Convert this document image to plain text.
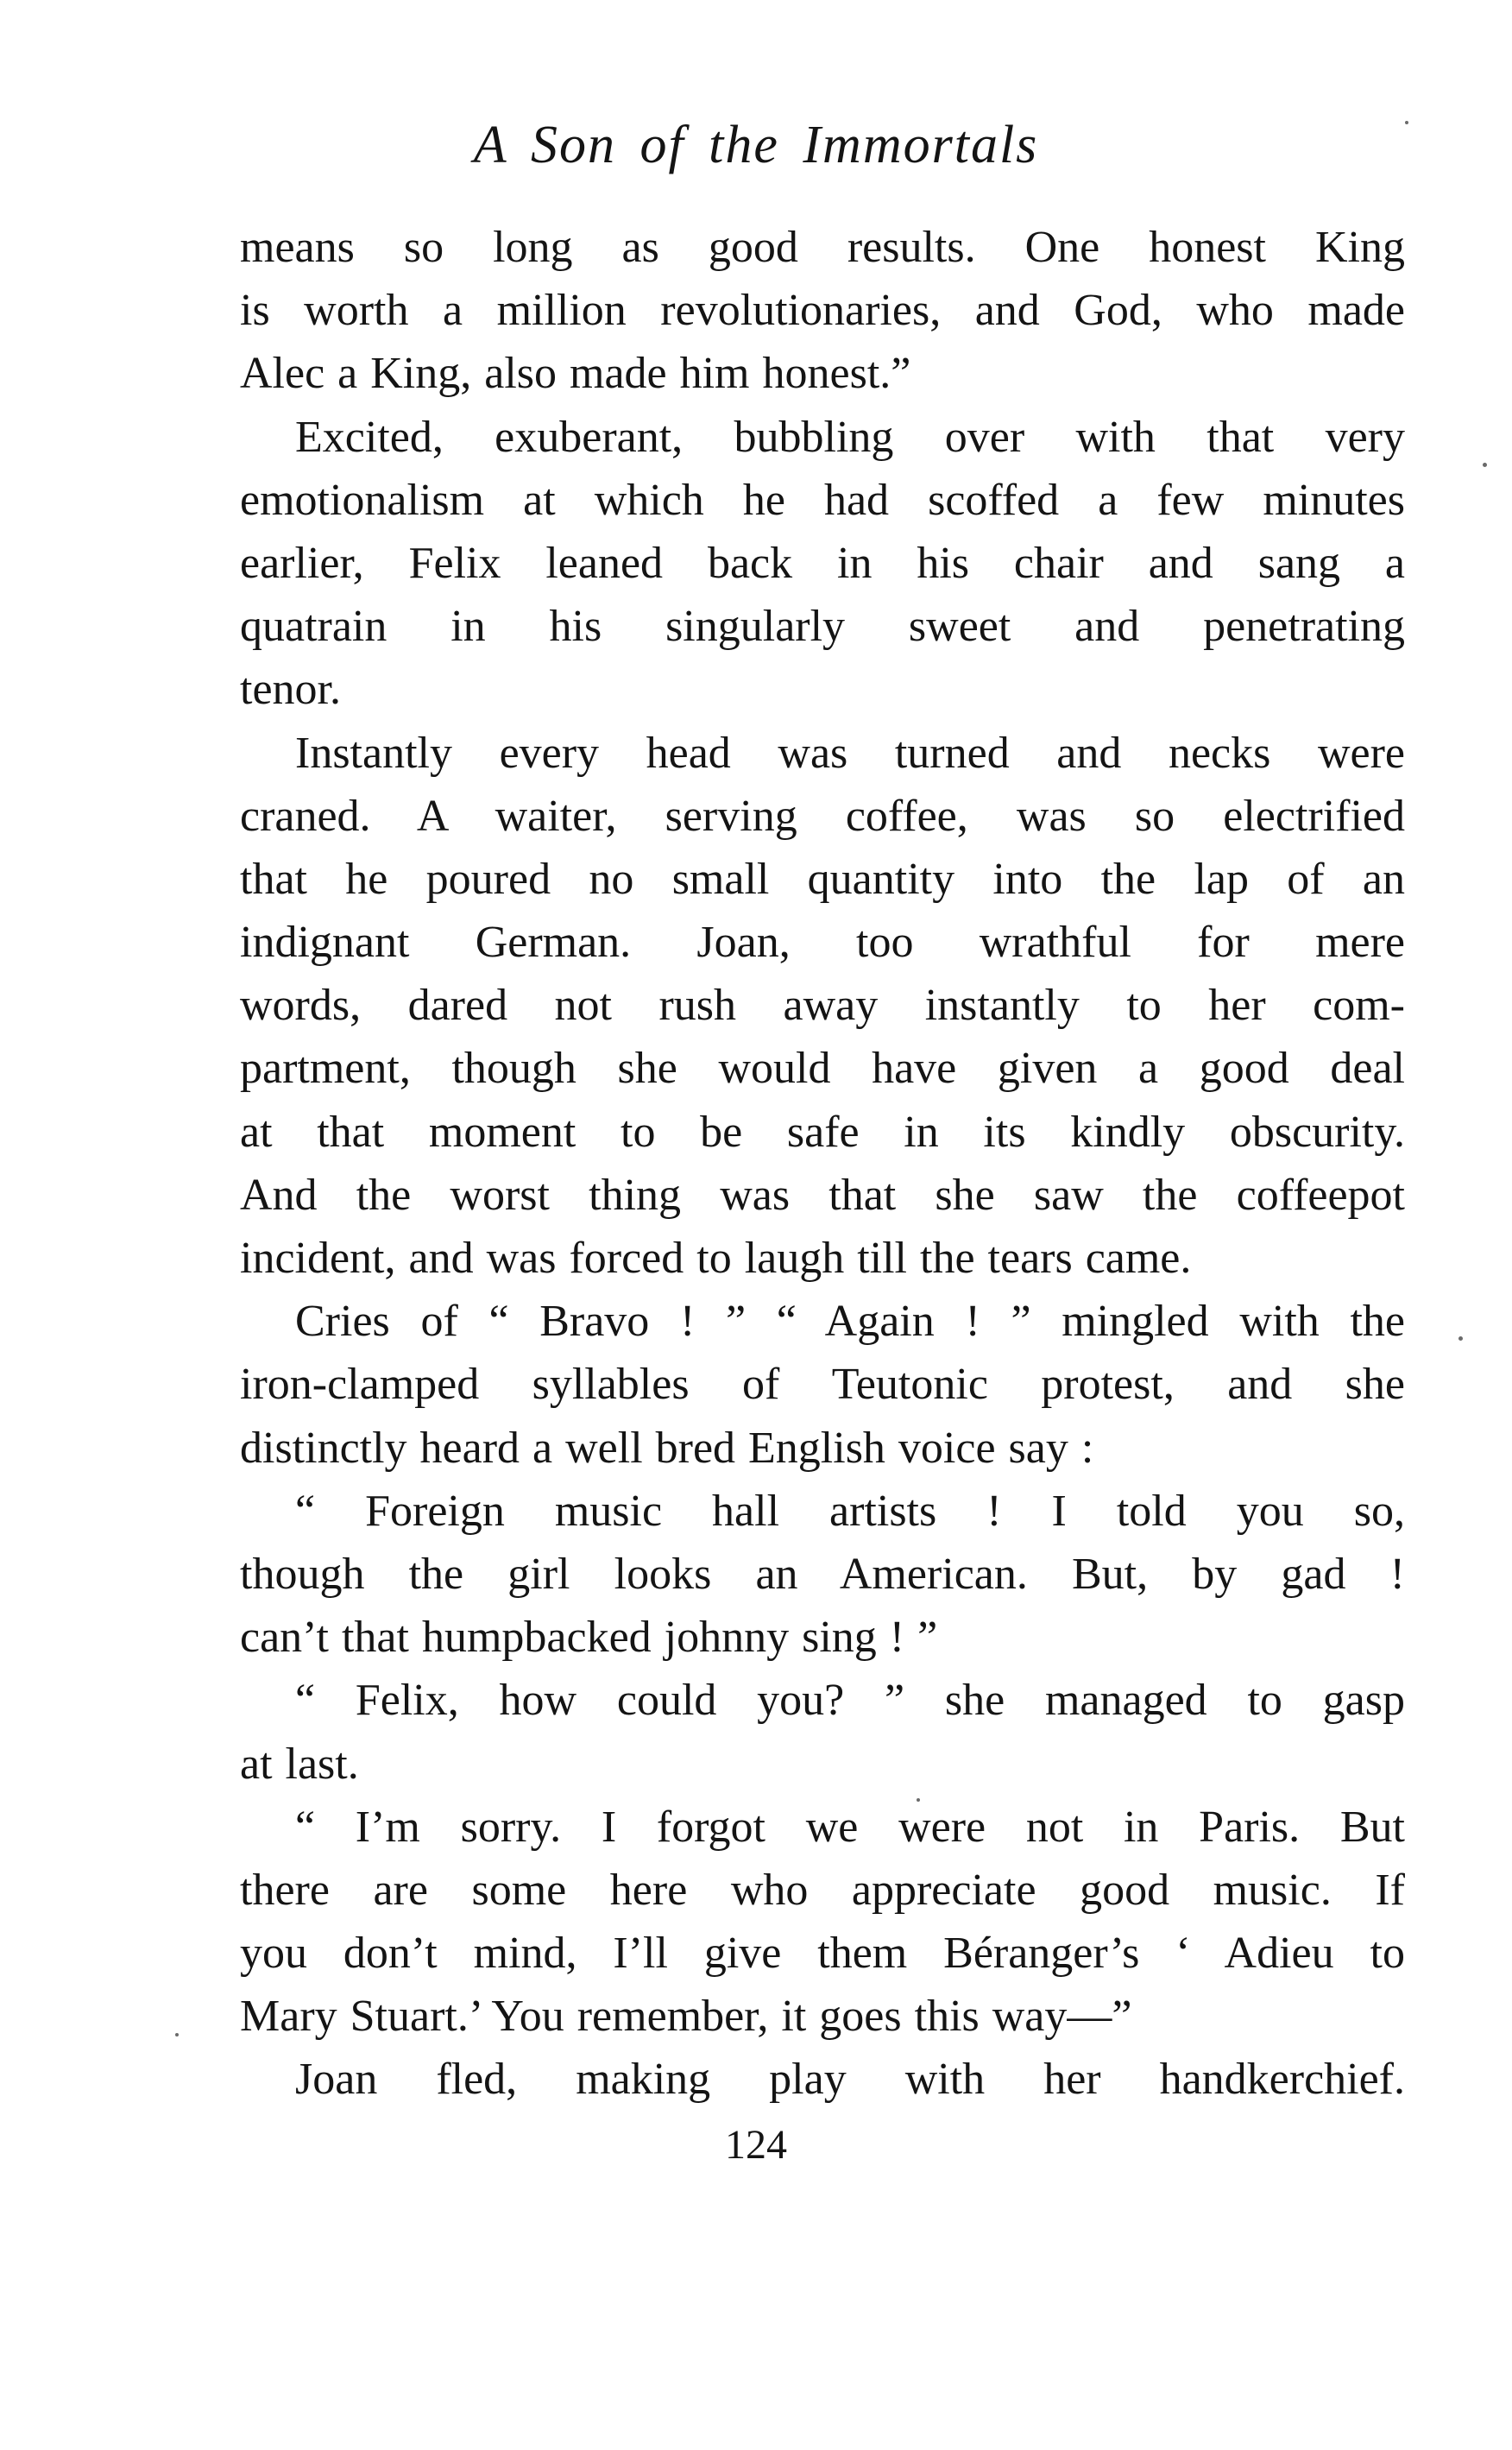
A Son of the Immortals
means so long as good results. One honest King
is worth a million revolutionaries, and God, who made
Alec a King, also made him honest.”
Excited, exuberant, bubbling over with that very
emotionalism at which he had scoffed a few minutes
earlier, Felix leaned back in his chair and sang a
quatrain in his singularly sweet and penetrating
tenor.
Instantly every head was turned and necks were
craned. A waiter, serving coffee, was so electrified
that he poured no small quantity into the lap of an
indignant German. Joan, too wrathful for mere
words, dared not rush away instantly to her com-
partment, though she would have given a good deal
at that moment to be safe in its kindly obscurity.
And the worst thing was that she saw the coffeepot
incident, and was forced to laugh till the tears came.
Cries of “ Bravo ! ” “ Again ! ” mingled with the
iron-clamped syllables of Teutonic protest, and she
distinctly heard a well bred English voice say :
“ Foreign music hall artists ! I told you so,
though the girl looks an American. But, by gad !
can’t that humpbacked johnny sing ! ”
“ Felix, how could you? ” she managed to gasp
at last.
“ I’m sorry. I forgot we were not in Paris. But
there are some here who appreciate good music. If
you don’t mind, I’ll give them Béranger’s ‘ Adieu to
Mary Stuart.’ You remember, it goes this way—”
Joan fled, making play with her handkerchief.
124
